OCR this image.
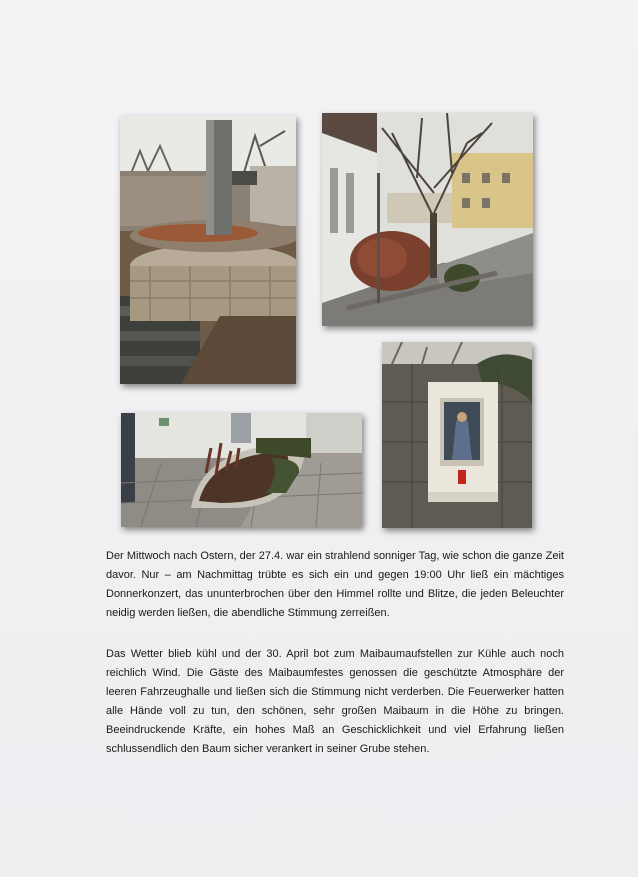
Der Mittwoch nach Ostern, der 27.4. war ein strahlend sonniger Tag, wie schon die ganze Zeit davor. Nur – am Nachmittag trübte es sich ein und gegen 19:00 Uhr ließ ein mächtiges Donnerkonzert, das ununterbrochen über den Himmel rollte und Blitze, die jeden Beleuchter neidig werden ließen, die abendliche Stimmung zerreißen.

Das Wetter blieb kühl und der 30. April bot zum Maibaumaufstellen zur Kühle auch noch reichlich Wind. Die Gäste des Maibaumfestes genossen die geschützte Atmosphäre der leeren Fahrzeughalle und ließen sich die Stimmung nicht verderben. Die Feuerwerker hatten alle Hände voll zu tun, den schönen, sehr großen Maibaum in die Höhe zu bringen. Beeindruckende Kräfte, ein hohes Maß an Geschicklichkeit und viel Erfahrung ließen schlussendlich den Baum sicher verankert in seiner Grube stehen.
